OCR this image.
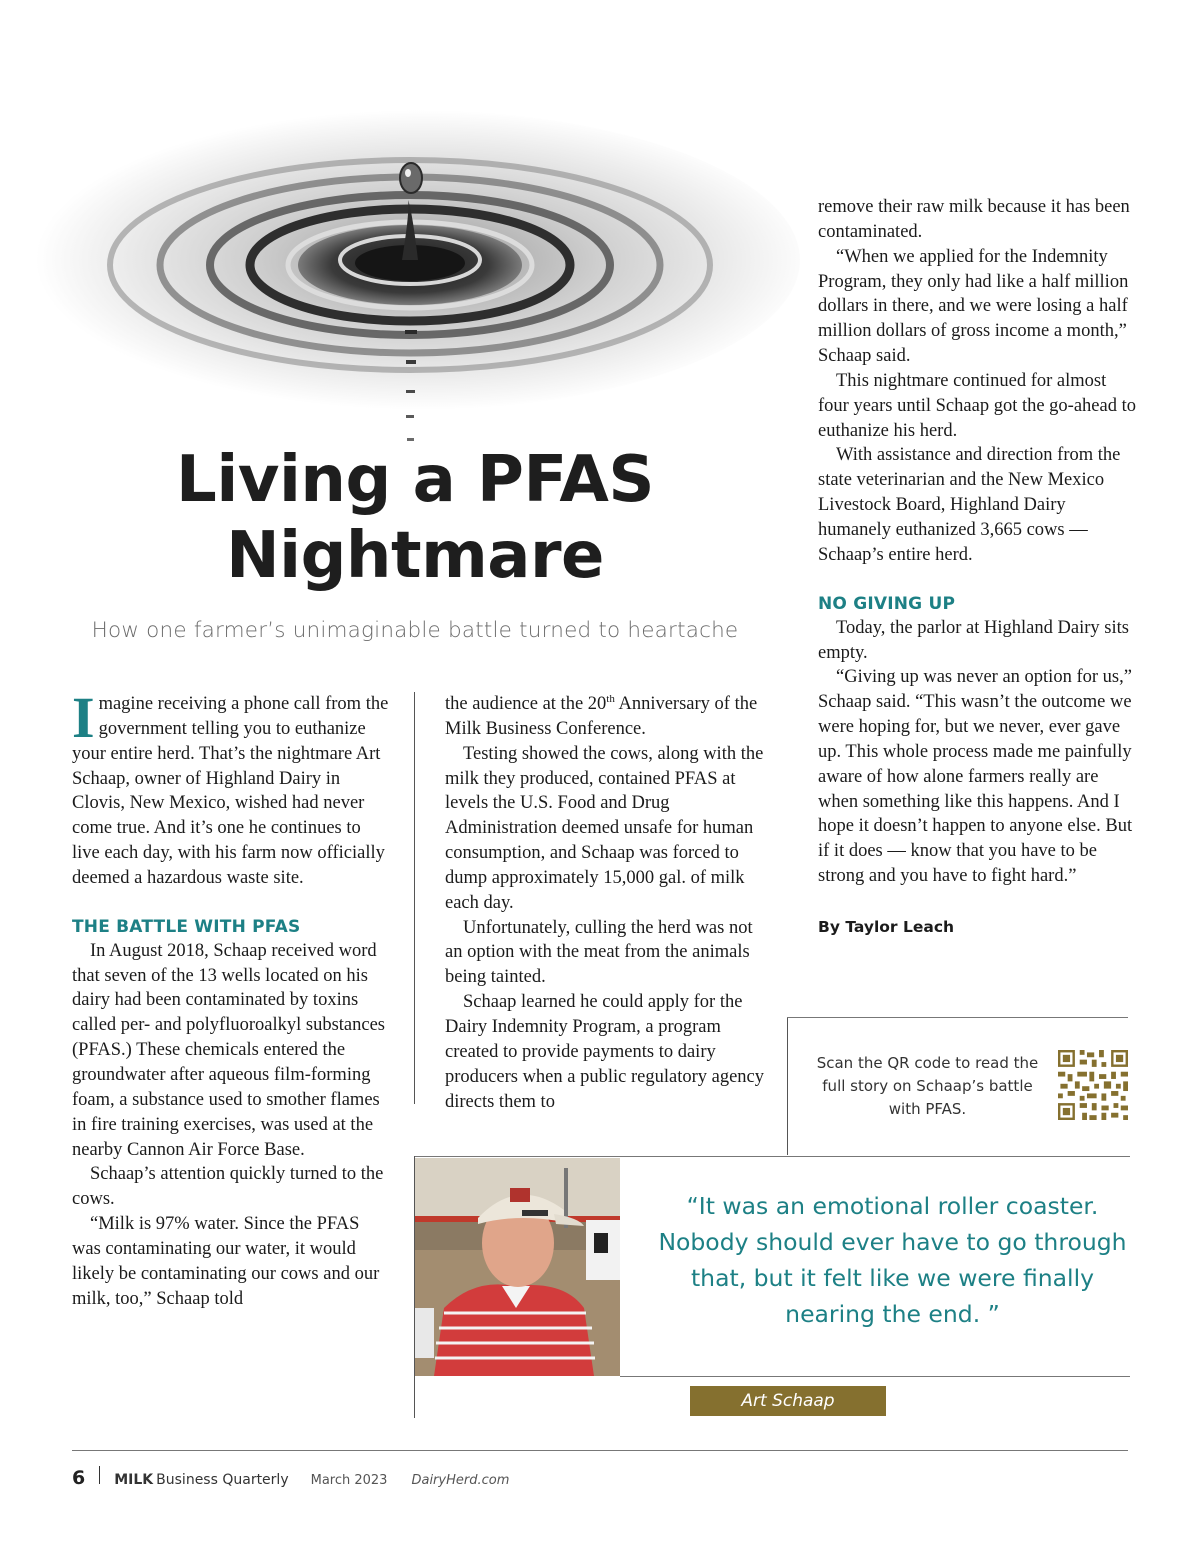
Living a PFAS
Nightmare
How one farmer’s unimaginable battle turned to heartache

Imagine receiving a phone call from the government telling you to euthanize your entire herd. That’s the nightmare Art Schaap, owner of Highland Dairy in Clovis, New Mexico, wished had never come true. And it’s one he continues to live each day, with his farm now officially deemed a hazardous waste site.

THE BATTLE WITH PFAS

In August 2018, Schaap received word that seven of the 13 wells located on his dairy had been contaminated by toxins called per- and polyfluoroalkyl substances (PFAS.) These chemicals entered the groundwater after aqueous film-forming foam, a substance used to smother flames in fire training exercises, was used at the nearby Cannon Air Force Base.

Schaap’s attention quickly turned to the cows.

“Milk is 97% water. Since the PFAS was contaminating our water, it would likely be contaminating our cows and our milk, too,” Schaap told

the audience at the 20th Anniversary of the Milk Business Conference.

Testing showed the cows, along with the milk they produced, contained PFAS at levels the U.S. Food and Drug Administration deemed unsafe for human consumption, and Schaap was forced to dump approximately 15,000 gal. of milk each day.

Unfortunately, culling the herd was not an option with the meat from the animals being tainted.

Schaap learned he could apply for the Dairy Indemnity Program, a program created to provide payments to dairy producers when a public regulatory agency directs them to

remove their raw milk because it has been contaminated.

“When we applied for the Indemnity Program, they only had like a half million dollars in there, and we were losing a half million dollars of gross income a month,” Schaap said.

This nightmare continued for almost four years until Schaap got the go-ahead to euthanize his herd.

With assistance and direction from the state veterinarian and the New Mexico Livestock Board, Highland Dairy humanely euthanized 3,665 cows — Schaap’s entire herd.

NO GIVING UP

Today, the parlor at Highland Dairy sits empty.

“Giving up was never an option for us,” Schaap said. “This wasn’t the outcome we were hoping for, but we never, ever gave up. This whole process made me painfully aware of how alone farmers really are when something like this happens. And I hope it doesn’t happen to anyone else. But if it does — know that you have to be strong and you have to fight hard.”

By Taylor Leach

Scan the QR code to read the full story on Schaap’s battle with PFAS.
“It was an emotional roller coaster. Nobody should ever have to go through that, but it felt like we were finally nearing the end. ”
Art Schaap
6 MILK Business Quarterly March 2023 DairyHerd.com
